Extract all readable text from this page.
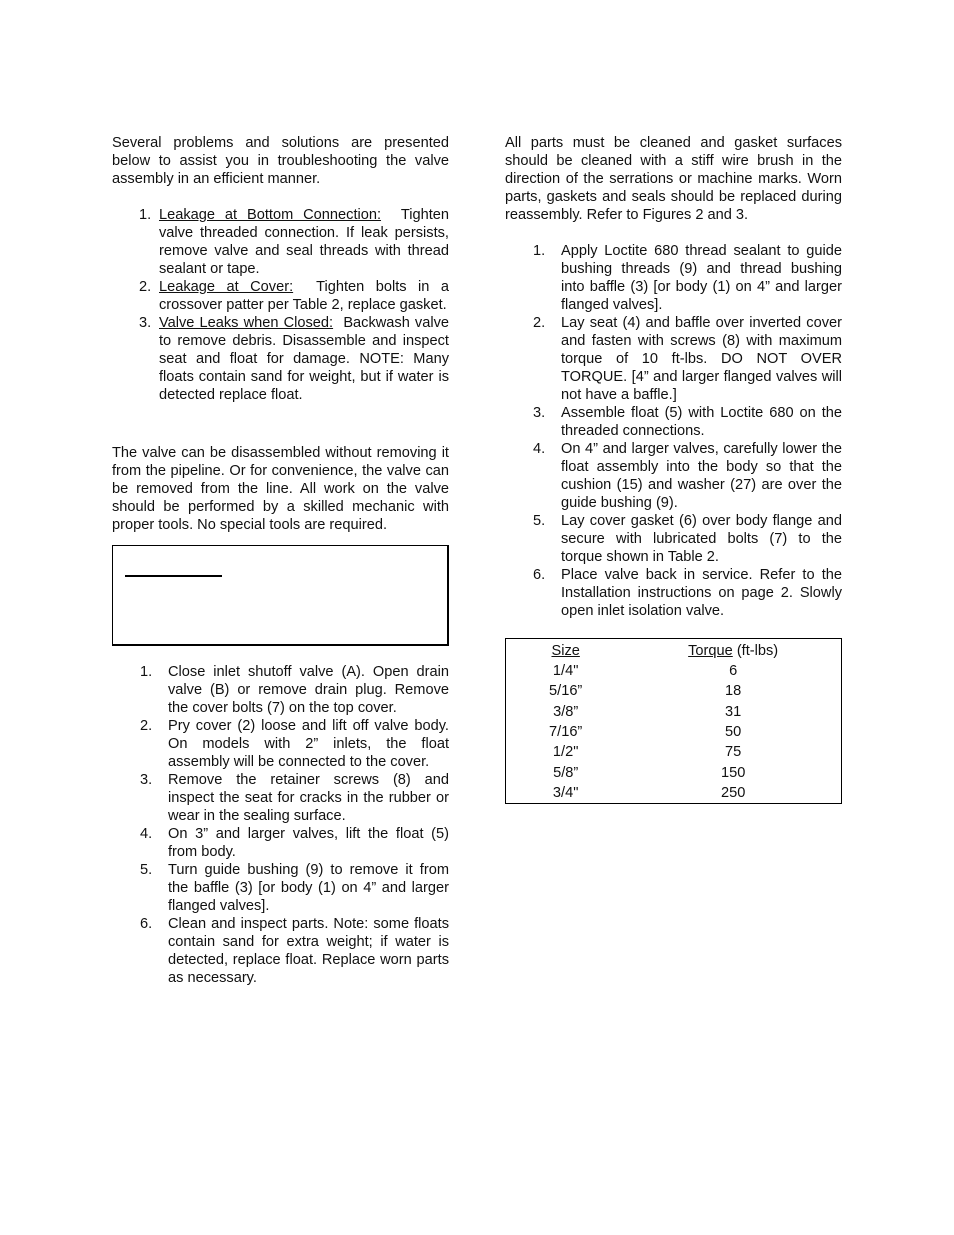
Several problems and solutions are presented below to assist you in troubleshooting the valve assembly in an efficient manner.

1. Leakage at Bottom Connection: Tighten valve threaded connection. If leak persists, remove valve and seal threads with thread sealant or tape.
2. Leakage at Cover: Tighten bolts in a crossover patter per Table 2, replace gasket.
3. Valve Leaks when Closed: Backwash valve to remove debris. Disassemble and inspect seat and float for damage. NOTE: Many floats contain sand for weight, but if water is detected replace float.

The valve can be disassembled without removing it from the pipeline. Or for convenience, the valve can be removed from the line. All work on the valve should be performed by a skilled mechanic with proper tools. No special tools are required.

1. Close inlet shutoff valve (A). Open drain valve (B) or remove drain plug. Remove the cover bolts (7) on the top cover.
2. Pry cover (2) loose and lift off valve body. On models with 2” inlets, the float assembly will be connected to the cover.
3. Remove the retainer screws (8) and inspect the seat for cracks in the rubber or wear in the sealing surface.
4. On 3” and larger valves, lift the float (5) from body.
5. Turn guide bushing (9) to remove it from the baffle (3) [or body (1) on 4” and larger flanged valves].
6. Clean and inspect parts. Note: some floats contain sand for extra weight; if water is detected, replace float. Replace worn parts as necessary.

All parts must be cleaned and gasket surfaces should be cleaned with a stiff wire brush in the direction of the serrations or machine marks. Worn parts, gaskets and seals should be replaced during reassembly. Refer to Figures 2 and 3.

1. Apply Loctite 680 thread sealant to guide bushing threads (9) and thread bushing into baffle (3) [or body (1) on 4” and larger flanged valves].
2. Lay seat (4) and baffle over inverted cover and fasten with screws (8) with maximum torque of 10 ft-lbs. DO NOT OVER TORQUE. [4” and larger flanged valves will not have a baffle.]
3. Assemble float (5) with Loctite 680 on the threaded connections.
4. On 4” and larger valves, carefully lower the float assembly into the body so that the cushion (15) and washer (27) are over the guide bushing (9).
5. Lay cover gasket (6) over body flange and secure with lubricated bolts (7) to the torque shown in Table 2.
6. Place valve back in service. Refer to the Installation instructions on page 2. Slowly open inlet isolation valve.
Size	Torque (ft-lbs)
1/4"	6
5/16”	18
3/8”	31
7/16”	50
1/2"	75
5/8”	150
3/4"	250
